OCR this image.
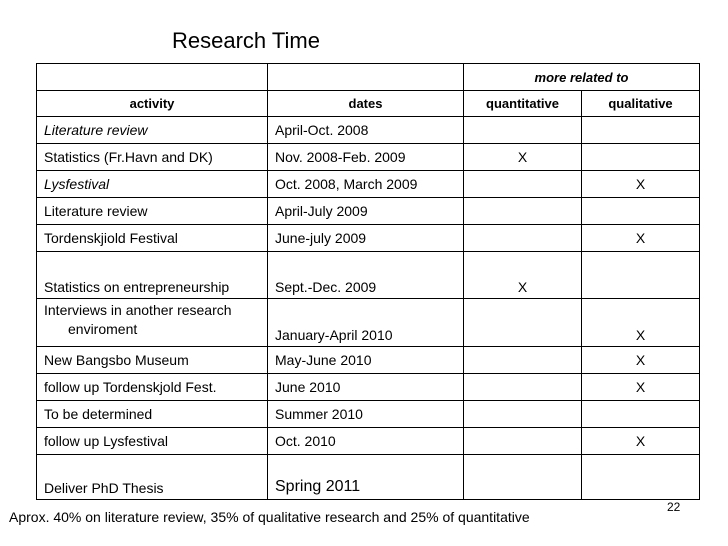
Research Time
		more related to	
activity	dates	quantitative	qualitative
Literature review	April-Oct. 2008		
Statistics (Fr.Havn and DK)	Nov. 2008-Feb. 2009	X	
Lysfestival	Oct. 2008, March 2009		X
Literature review	April-July 2009		
Tordenskjiold Festival	June-july 2009		X
Statistics on entrepreneurship	Sept.-Dec. 2009	X	

Interviews in another research
enviroment	January-April 2010		X
New Bangsbo Museum	May-June 2010		X
follow up Tordenskjold Fest.	June 2010		X
To be determined	Summer 2010		
follow up Lysfestival	Oct. 2010		X
Deliver PhD Thesis	Spring 2011		
Aprox. 40% on literature review, 35% of qualitative research and 25% of quantitative
22
